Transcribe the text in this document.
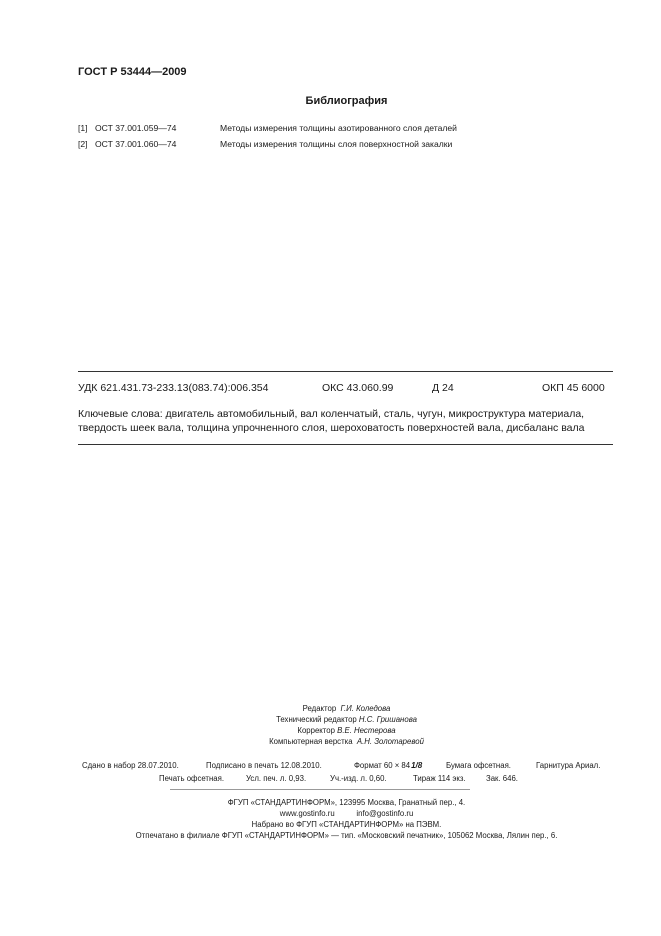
ГОСТ Р 53444—2009
Библиография
[1] ОСТ 37.001.059—74	Методы измерения толщины азотированного слоя деталей
[2] ОСТ 37.001.060—74	Методы измерения толщины слоя поверхностной закалки
УДК 621.431.73-233.13(083.74):006.354	ОКС 43.060.99	Д 24	ОКП 45 6000
Ключевые слова: двигатель автомобильный, вал коленчатый, сталь, чугун, микроструктура материала,
твердость шеек вала, толщина упрочненного слоя, шероховатость поверхностей вала, дисбаланс вала
Редактор Г.И. Коледова
Технический редактор Н.С. Гришанова
Корректор В.Е. Нестерова
Компьютерная верстка А.Н. Золотаревой
Сдано в набор 28.07.2010.	Подписано в печать 12.08.2010.	Формат 60 × 841/8	Бумага офсетная.	Гарнитура Ариал.
Печать офсетная.	Усл. печ. л. 0,93.	Уч.-изд. л. 0,60.	Тираж 114 экз.	Зак. 646.
ФГУП «СТАНДАРТИНФОРМ», 123995 Москва, Гранатный пер., 4.
www.gostinfo.ru	info@gostinfo.ru
Набрано во ФГУП «СТАНДАРТИНФОРМ» на ПЭВМ.
Отпечатано в филиале ФГУП «СТАНДАРТИНФОРМ» — тип. «Московский печатник», 105062 Москва, Лялин пер., 6.
